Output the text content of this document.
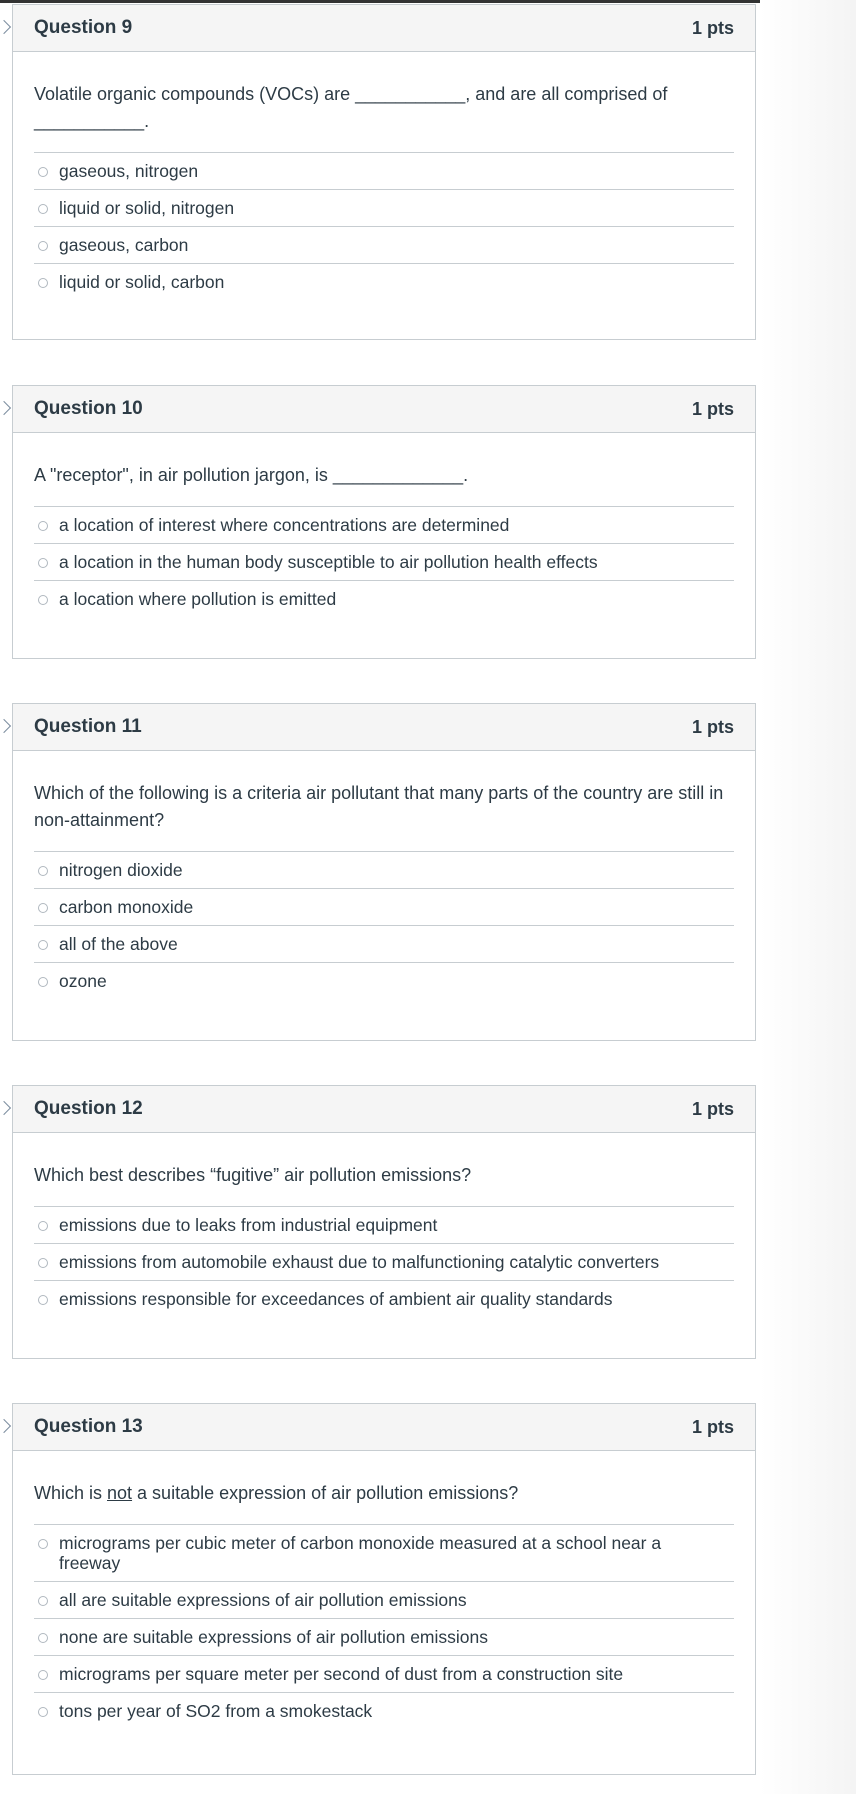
Question 9	1 pts
Volatile organic compounds (VOCs) are ___________, and are all comprised of ___________.
gaseous, nitrogen
liquid or solid, nitrogen
gaseous, carbon
liquid or solid, carbon
Question 10	1 pts
A "receptor", in air pollution jargon, is _____________.
a location of interest where concentrations are determined
a location in the human body susceptible to air pollution health effects
a location where pollution is emitted
Question 11	1 pts
Which of the following is a criteria air pollutant that many parts of the country are still in non-attainment?
nitrogen dioxide
carbon monoxide
all of the above
ozone
Question 12	1 pts
Which best describes “fugitive” air pollution emissions?
emissions due to leaks from industrial equipment
emissions from automobile exhaust due to malfunctioning catalytic converters
emissions responsible for exceedances of ambient air quality standards
Question 13	1 pts
Which is not a suitable expression of air pollution emissions?
micrograms per cubic meter of carbon monoxide measured at a school near a freeway
all are suitable expressions of air pollution emissions
none are suitable expressions of air pollution emissions
micrograms per square meter per second of dust from a construction site
tons per year of SO2 from a smokestack
